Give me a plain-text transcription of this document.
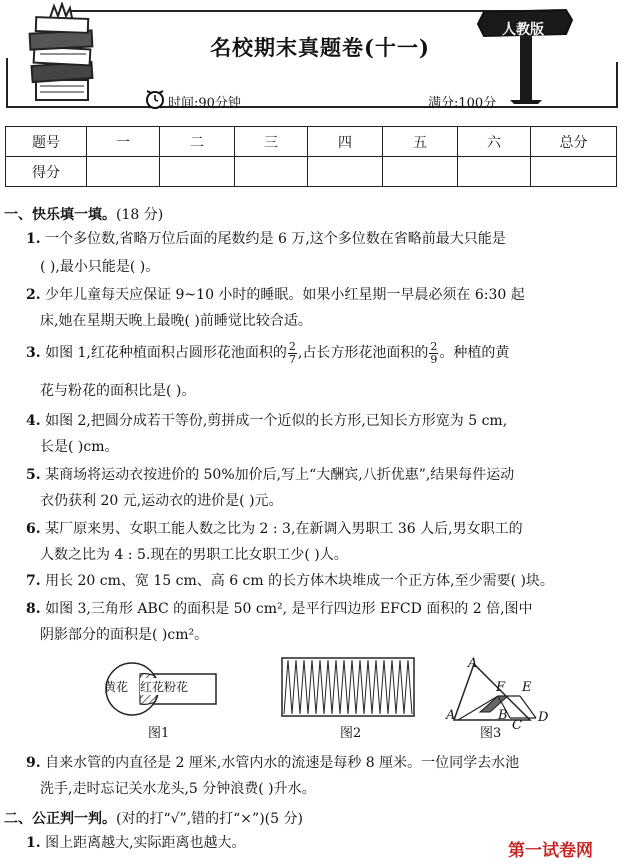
名校期末真题卷(十一)
人教版
时间:90分钟	满分:100分
题号	一	二	三	四	五	六	总分
得分							
一、快乐填一填。(18 分)
1. 一个多位数,省略万位后面的尾数约是 6 万,这个多位数在省略前最大只能是
( ),最小只能是( )。
2. 少年儿童每天应保证 9~10 小时的睡眠。如果小红星期一早晨必须在 6:30 起
床,她在星期天晚上最晚( )前睡觉比较合适。
3. 如图 1,红花种植面积占圆形花池面积的 $\frac{2}{7}$ ,占长方形花池面积的 $\frac{2}{9}$ 。种植的黄
花与粉花的面积比是( )。
4. 如图 2,把圆分成若干等份,剪拼成一个近似的长方形,已知长方形宽为 5 cm,
长是( )cm。
5. 某商场将运动衣按进价的 50%加价后,写上“大酬宾,八折优惠”,结果每件运动
衣仍获利 20 元,运动衣的进价是( )元。
6. 某厂原来男、女职工能人数之比为 2 : 3,在新调入男职工 36 人后,男女职工的
人数之比为 4 : 5.现在的男职工比女职工少( )人。
7. 用长 20 cm、宽 15 cm、高 6 cm 的长方体木块堆成一个正方体,至少需要( )块。
8. 如图 3,三角形 ABC 的面积是 50 cm², 是平行四边形 EFCD 面积的 2 倍,图中
阴影部分的面积是( )cm²。
黄花 红花 粉花
图1	图2
A
A
F E
B
C
D
图3
9. 自来水管的内直径是 2 厘米,水管内水的流速是每秒 8 厘米。一位同学去水池
洗手,走时忘记关水龙头,5 分钟浪费( )升水。
二、公正判一判。(对的打“√”,错的打“×”)(5 分)
1. 图上距离越大,实际距离也越大。	第一试卷网
